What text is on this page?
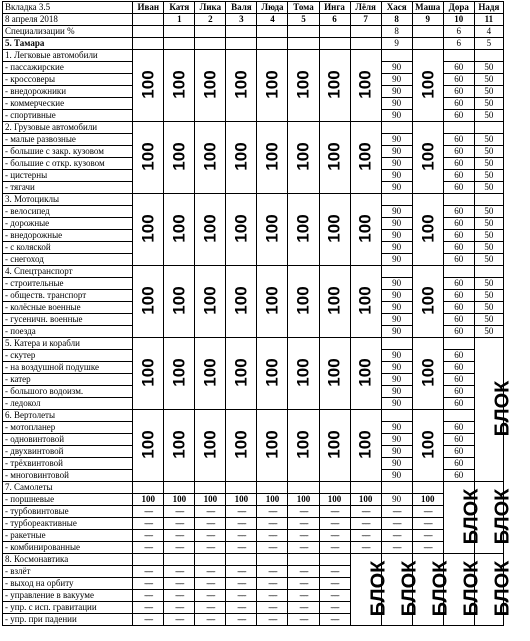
Вкладка 3.5	Иван	Катя	Лика	Валя	Люда	Тома	Инга	Лёля	Хася	Маша	Дора	Надя
8 апреля 2018		1	2	3	4	5	6	7	8	9	10	11
Специализации %									8		6	4
5. Тамара									9		6	5
1. Легковые автомобили	100	100	100	100	100	100	100	100		100		
- пассажирские									90		60	50
- кроссоверы									90		60	50
- внедорожники									90		60	50
- коммерческие									90		60	50
- спортивные									90		60	50
2. Грузовые автомобили	100	100	100	100	100	100	100	100		100		
- малые развозные									90		60	50
- большие с закр. кузовом									90		60	50
- большие с откр. кузовом									90		60	50
- цистерны									90		60	50
- тягачи									90		60	50
3. Мотоциклы	100	100	100	100	100	100	100	100		100		
- велосипед									90		60	50
- дорожные									90		60	50
- внедорожные									90		60	50
- с коляской									90		60	50
- снегоход									90		60	50
4. Спецтранспорт	100	100	100	100	100	100	100	100		100		
- строительные									90		60	50
- обществ. транспорт									90		60	50
- колёсные военные									90		60	50
- гусеничн. военные									90		60	50
- поезда									90		60	50
5. Катера и корабли	100	100	100	100	100	100	100	100		100		БЛОК
- скутер									90		60	
- на воздушной подушке									90		60	
- катер									90		60	
- большого водоизм.									90		60	
- ледокол									90		60	
6. Вертолеты	100	100	100	100	100	100	100	100		100		
- мотопланер									90		60	
- одновинтовой									90		60	
- двухвинтовой									90		60	
- трёхвинтовой									90		60	
- многовинтовой									90		60	
7. Самолеты											БЛОК	БЛОК
- поршневые	100	100	100	100	100	100	100	100	90	100		
- турбовинтовые	-----	-----	-----	-----	-----	-----	-----	-----	-----	-----		
- турбореактивные	-----	-----	-----	-----	-----	-----	-----	-----	-----	-----		
- ракетные	-----	-----	-----	-----	-----	-----	-----	-----	-----	-----		
- комбинированные	-----	-----	-----	-----	-----	-----	-----	-----	-----	-----		
8. Космонавтика								БЛОК	БЛОК	БЛОК	БЛОК	БЛОК
- взлёт	-----	-----	-----	-----	-----	-----	-----					
- выход на орбиту	-----	-----	-----	-----	-----	-----	-----					
- управление в вакууме	-----	-----	-----	-----	-----	-----	-----					
- упр. с исп. гравитации	-----	-----	-----	-----	-----	-----	-----					
- упр. при падении	-----	-----	-----	-----	-----	-----	-----					
